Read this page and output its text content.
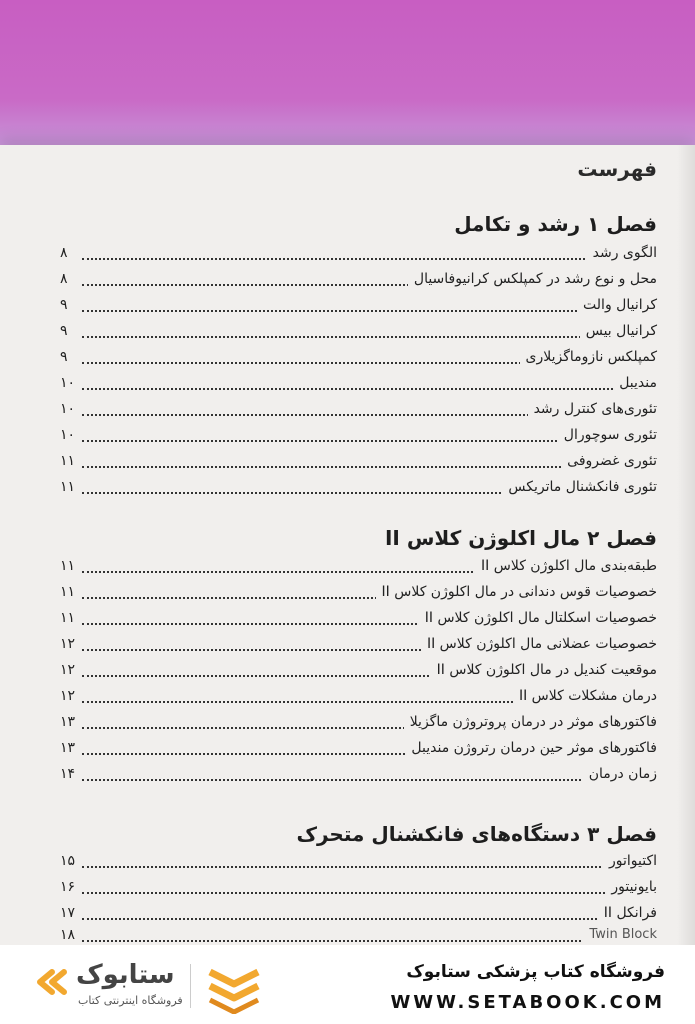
فهرست
فصل ۱ رشد و تکامل
الگوی رشد
۸
محل و نوع رشد در کمپلکس کرانیوفاسیال
۸
کرانیال والت
۹
کرانیال بیس
۹
کمپلکس نازوماگزیلاری
۹
مندیبل
۱۰
تئوری‌های کنترل رشد
۱۰
تئوری سوچورال
۱۰
تئوری غضروفی
۱۱
تئوری فانکشنال ماتریکس
۱۱
فصل ۲ مال اکلوژن کلاس II
طبقه‌بندی مال اکلوژن کلاس II
۱۱
خصوصیات قوس دندانی در مال اکلوژن کلاس II
۱۱
خصوصیات اسکلتال مال اکلوژن کلاس II
۱۱
خصوصیات عضلانی مال اکلوژن کلاس II
۱۲
موقعیت کندیل در مال اکلوژن کلاس II
۱۲
درمان مشکلات کلاس II
۱۲
فاکتورهای موثر در درمان پروتروژن ماگزیلا
۱۳
فاکتورهای موثر حین درمان رتروژن مندیبل
۱۳
زمان درمان
۱۴
فصل ۳ دستگاه‌های فانکشنال متحرک
اکتیواتور
۱۵
بایونیتور
۱۶
فرانکل II
۱۷
Twin Block
۱۸
فروشگاه کتاب پزشکی ستابوک
WWW.SETABOOK.COM
ستابوک
فروشگاه اینترنتی کتاب
